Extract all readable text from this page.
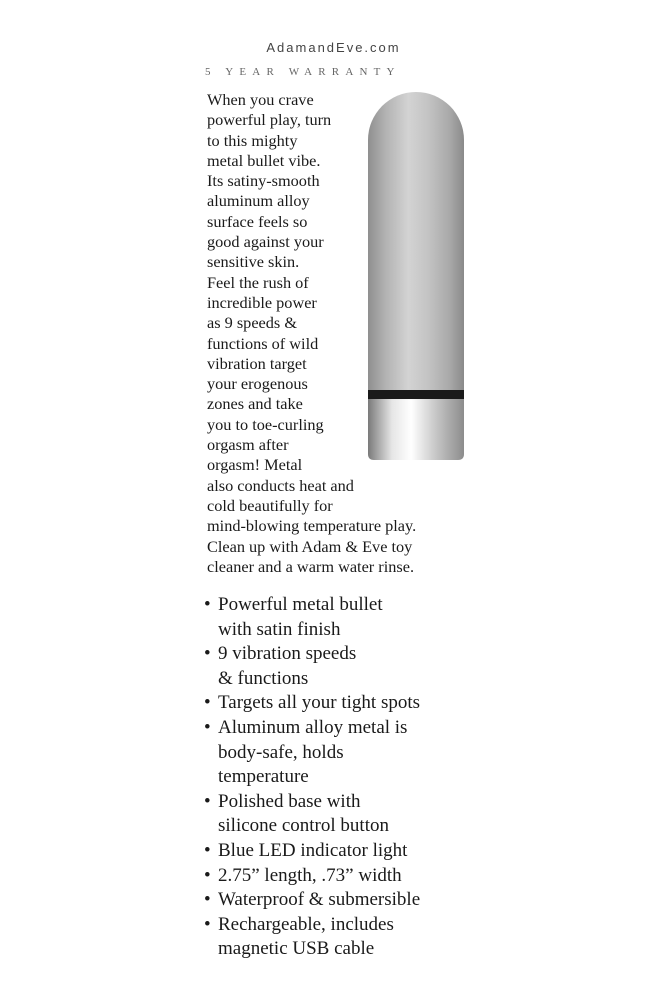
AdamandEve.com
5 YEAR WARRANTY
When you crave
powerful play, turn
to this mighty
metal bullet vibe.
Its satiny-smooth
aluminum alloy
surface feels so
good against your
sensitive skin.
Feel the rush of
incredible power
as 9 speeds &
functions of wild
vibration target
your erogenous
zones and take
you to toe-curling
orgasm after
orgasm! Metal
also conducts heat and
cold beautifully for
mind-blowing temperature play.
Clean up with Adam & Eve toy
cleaner and a warm water rinse.
• Powerful metal bullet
with satin finish
• 9 vibration speeds
& functions
• Targets all your tight spots
• Aluminum alloy metal is
body-safe, holds
temperature
• Polished base with
silicone control button
• Blue LED indicator light
• 2.75” length, .73” width
• Waterproof & submersible
• Rechargeable, includes
magnetic USB cable
